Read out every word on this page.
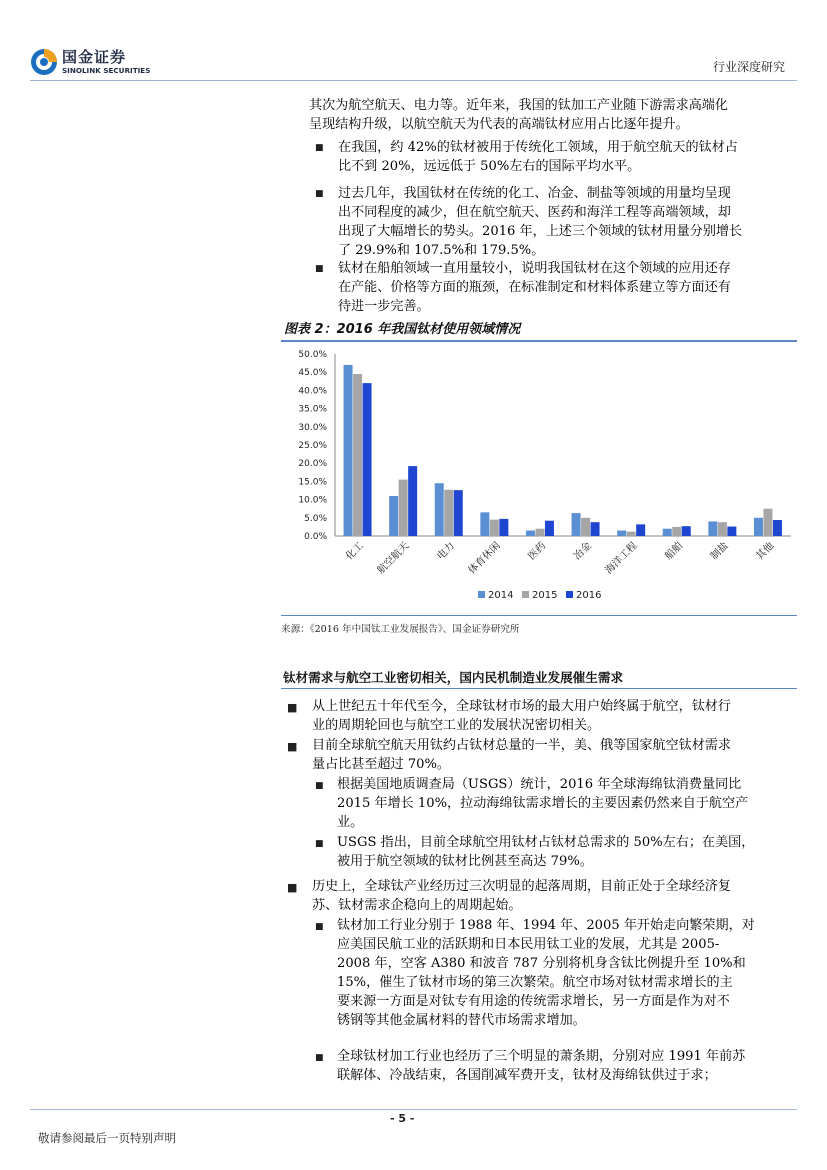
国金证券
SINOLINK SECURITIES	行业深度研究
其次为航空航天、电力等。近年来，我国的钛加工产业随下游需求高端化
呈现结构升级，以航空航天为代表的高端钛材应用占比逐年提升。
■ 在我国，约 42%的钛材被用于传统化工领域，用于航空航天的钛材占
比不到 20%，远远低于 50%左右的国际平均水平。
■ 过去几年，我国钛材在传统的化工、冶金、制盐等领域的用量均呈现
出不同程度的减少，但在航空航天、医药和海洋工程等高端领域，却
出现了大幅增长的势头。2016 年，上述三个领域的钛材用量分别增长
了 29.9%和 107.5%和 179.5%。
■ 钛材在船舶领域一直用量较小，说明我国钛材在这个领域的应用还存
在产能、价格等方面的瓶颈，在标准制定和材料体系建立等方面还有
待进一步完善。
图表 2：2016 年我国钛材使用领域情况
0.0%
5.0%
10.0%
15.0%
20.0%
25.0%
30.0%
35.0%
40.0%
45.0%
50.0%
化工 航空航天 电力 体育休闲 医药 冶金 海洋工程 船舶 制盐 其他
2014 2015 2016
来源：《2016 年中国钛工业发展报告》、国金证券研究所
钛材需求与航空工业密切相关，国内民机制造业发展催生需求
■ 从上世纪五十年代至今，全球钛材市场的最大用户始终属于航空，钛材行
业的周期轮回也与航空工业的发展状况密切相关。
■ 目前全球航空航天用钛约占钛材总量的一半，美、俄等国家航空钛材需求
量占比甚至超过 70%。
■ 根据美国地质调查局（USGS）统计，2016 年全球海绵钛消费量同比
2015 年增长 10%，拉动海绵钛需求增长的主要因素仍然来自于航空产
业。
■ USGS 指出，目前全球航空用钛材占钛材总需求的 50%左右；在美国，
被用于航空领域的钛材比例甚至高达 79%。
■ 历史上，全球钛产业经历过三次明显的起落周期，目前正处于全球经济复
苏、钛材需求企稳向上的周期起始。
■ 钛材加工行业分别于 1988 年、1994 年、2005 年开始走向繁荣期，对
应美国民航工业的活跃期和日本民用钛工业的发展，尤其是 2005-
2008 年，空客 A380 和波音 787 分别将机身含钛比例提升至 10%和
15%，催生了钛材市场的第三次繁荣。航空市场对钛材需求增长的主
要来源一方面是对钛专有用途的传统需求增长，另一方面是作为对不
锈钢等其他金属材料的替代市场需求增加。
■ 全球钛材加工行业也经历了三个明显的萧条期，分别对应 1991 年前苏
联解体、冷战结束，各国削减军费开支，钛材及海绵钛供过于求；
- 5 -
敬请参阅最后一页特别声明
